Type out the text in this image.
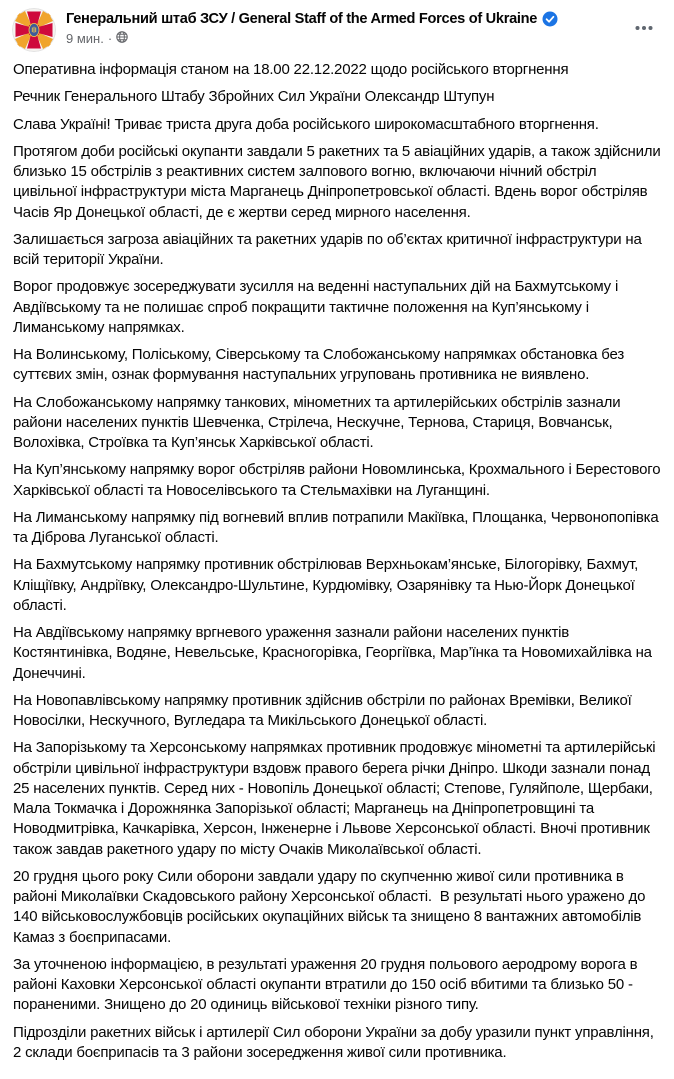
Генеральний штаб ЗСУ / General Staff of the Armed Forces of Ukraine
9 мин. ·

Оперативна інформація станом на 18.00 22.12.2022 щодо російського вторгнення

Речник Генерального Штабу Збройних Сил України Олександр Штупун

Слава Україні! Триває триста друга доба російського широкомасштабного вторгнення.

Протягом доби російські окупанти завдали 5 ракетних та 5 авіаційних ударів, а також здійснили близько 15 обстрілів з реактивних систем залпового вогню, включаючи нічний обстріл цивільної інфраструктури міста Марганець Дніпропетровської області. Вдень ворог обстріляв Часів Яр Донецької області, де є жертви серед мирного населення.

Залишається загроза авіаційних та ракетних ударів по об’єктах критичної інфраструктури на всій території України.

Ворог продовжує зосереджувати зусилля на веденні наступальних дій на Бахмутському і Авдіївському та не полишає спроб покращити тактичне положення на Куп’янському і Лиманському напрямках.

На Волинському, Поліському, Сіверському та Слобожанському напрямках обстановка без суттєвих змін, ознак формування наступальних угруповань противника не виявлено.

На Слобожанському напрямку танкових, мінометних та артилерійських обстрілів зазнали райони населених пунктів Шевченка, Стрілеча, Нескучне, Тернова, Стариця, Вовчанськ, Волохівка, Строївка та Куп’янськ Харківської області.

На Куп’янському напрямку ворог обстріляв райони Новомлинська, Крохмального і Берестового Харківської області та Новоселівського та Стельмахівки на Луганщині.

На Лиманському напрямку під вогневий вплив потрапили Макіївка, Площанка, Червонопопівка та Діброва Луганської області.

На Бахмутському напрямку противник обстрілював Верхньокам’янське, Білогорівку, Бахмут, Кліщіївку, Андріївку, Олександро-Шультине, Курдюмівку, Озарянівку та Нью-Йорк Донецької області.

На Авдіївському напрямку вргневого ураження зазнали райони населених пунктів Костянтинівка, Водяне, Невельське, Красногорівка, Георгіївка, Мар’їнка та Новомихайлівка на Донеччині.

На Новопавлівському напрямку противник здійснив обстріли по районах Времівки, Великої Новосілки, Нескучного, Вугледара та Микільського Донецької області.

На Запорізькому та Херсонському напрямках противник продовжує мінометні та артилерійські обстріли цивільної інфраструктури вздовж правого берега річки Дніпро. Шкоди зазнали понад 25 населених пунктів. Серед них - Новопіль Донецької області; Степове, Гуляйполе, Щербаки, Мала Токмачка і Дорожнянка Запорізької області; Марганець на Дніпропетровщині та Новодмитрівка, Качкарівка, Херсон, Інженерне і Львове Херсонської області. Вночі противник також завдав ракетного удару по місту Очаків Миколаївської області.

20 грудня цього року Сили оборони завдали удару по скупченню живої сили противника в районі Миколаївки Скадовського району Херсонської області.  В результаті нього уражено до 140 військовослужбовців російських окупаційних військ та знищено 8 вантажних автомобілів Камаз з боєприпасами.

За уточненою інформацією, в результаті ураження 20 грудня польового аеродрому ворога в районі Каховки Херсонської області окупанти втратили до 150 осіб вбитими та близько 50 - пораненими. Знищено до 20 одиниць військової техніки різного типу.

Підрозділи ракетних військ і артилерії Сил оборони України за добу уразили пункт управління, 2 склади боєприпасів та 3 райони зосередження живої сили противника.
